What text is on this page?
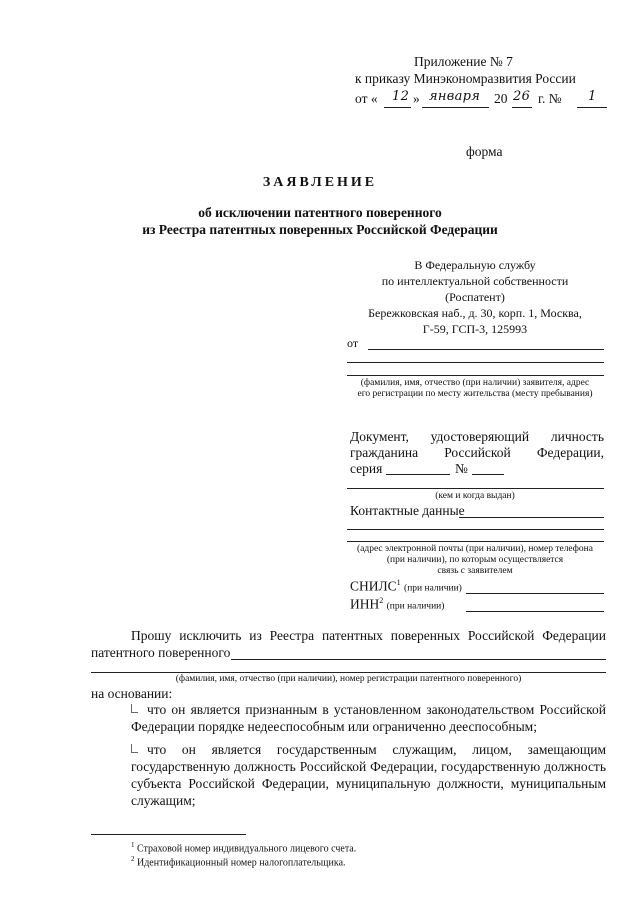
Приложение № 7
к приказу Минэкономразвития России
от « 12 » января 20 26 г. № 1
форма
ЗАЯВЛЕНИЕ
об исключении патентного поверенного
из Реестра патентных поверенных Российской Федерации
В Федеральную службу
по интеллектуальной собственности
(Роспатент)
Бережковская наб., д. 30, корп. 1, Москва,
Г-59, ГСП-3, 125993
от
(фамилия, имя, отчество (при наличии) заявителя, адрес
его регистрации по месту жительства (месту пребывания)
Документ, удостоверяющий личность
гражданина Российской Федерации,
серия	№
(кем и когда выдан)
Контактные данные
(адрес электронной почты (при наличии), номер телефона
(при наличии), по которым осуществляется
связь с заявителем
СНИЛС$^1$ (при наличии)
ИНН$^2$ (при наличии)
Прошу исключить из Реестра патентных поверенных Российской Федерации
патентного поверенного
(фамилия, имя, отчество (при наличии), номер регистрации патентного поверенного)
на основании:
что он является признанным в установленном законодательством Российской
Федерации порядке недееспособным или ограниченно дееспособным;
что он является государственным служащим, лицом, замещающим
государственную должность Российской Федерации, государственную должность
субъекта Российской Федерации, муниципальную должности, муниципальным
служащим;
$^1$ Страховой номер индивидуального лицевого счета.
$^2$ Идентификационный номер налогоплательщика.
